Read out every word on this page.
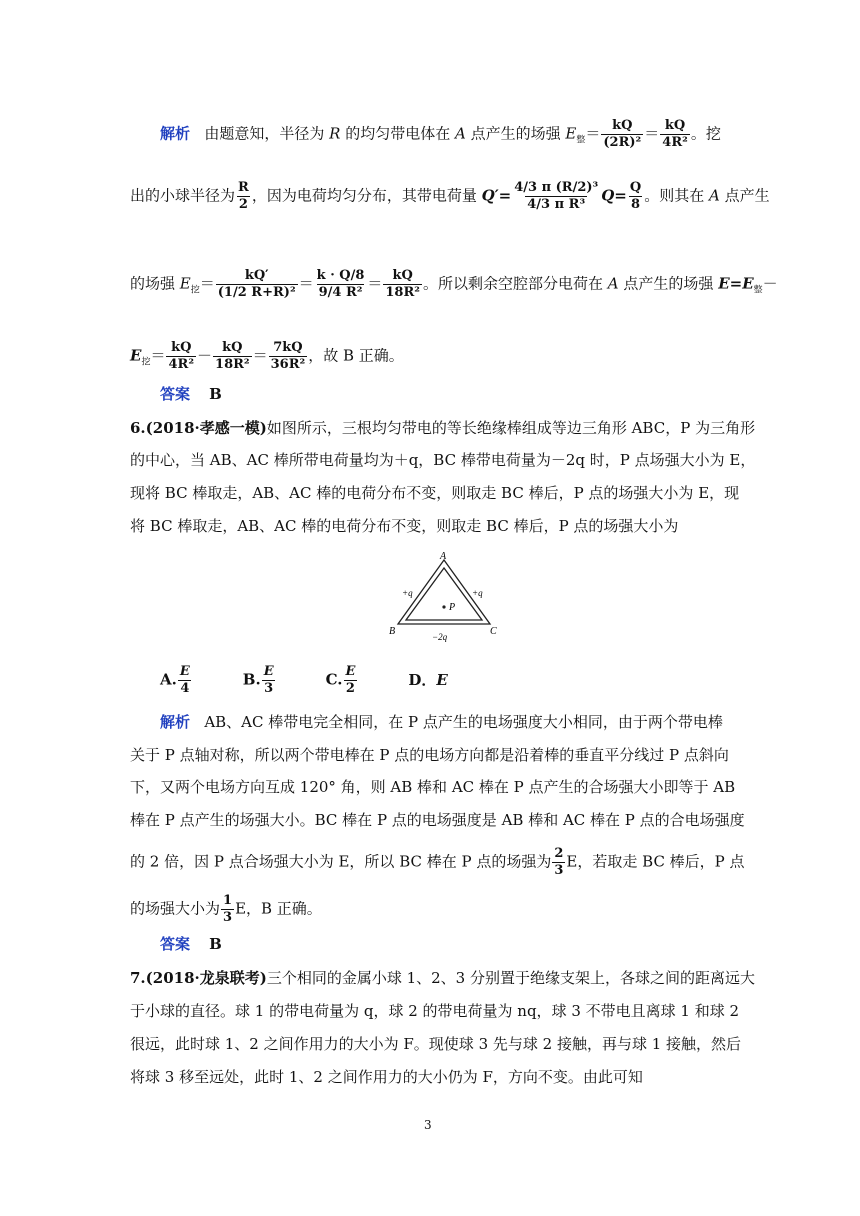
解析 由题意知，半径为 R 的均匀带电体在 A 点产生的场强 $E_整= \frac{kQ}{\text{(2R)²}} = \frac{kQ}{\text{4R²}}$ 。挖
出的小球半径为 $\frac{R}{2}$ ，因为电荷均匀分布，其带电荷量 $Q'= \frac{\text{4/3 π (R/2)³}}{\text{4/3 π R³}} Q= \frac{Q}{8}$ 。则其在 A 点产生
的场强 $E_挖= \frac{kQ'}{\text{(1/2 R+R)²}} = \frac{k \cdot Q/8}{\text{9/4 R²}} = \frac{kQ}{\text{18R²}}$ 。所以剩余空腔部分电荷在 A 点产生的场强 $E=E_整-$
$E_挖= \frac{kQ}{\text{4R²}} - \frac{kQ}{\text{18R²}} = \frac{7kQ}{\text{36R²}}$ ，故 B 正确。
答案 B
6.(2018·孝感一模)如图所示，三根均匀带电的等长绝缘棒组成等边三角形 ABC，P 为三角形
的中心，当 AB、AC 棒所带电荷量均为＋q，BC 棒带电荷量为－2q 时，P 点场强大小为 E，
现将 BC 棒取走，AB、AC 棒的电荷分布不变，则取走 BC 棒后，P 点的场强大小为 E，现
将 BC 棒取走，AB、AC 棒的电荷分布不变，则取走 BC 棒后，P 点的场强大小为
A
B	C
P
+q	+q
−2q
A. $\frac{E}{4}$	B. $\frac{E}{3}$	C. $\frac{E}{2}$	D．E
解析 AB、AC 棒带电完全相同，在 P 点产生的电场强度大小相同，由于两个带电棒
关于 P 点轴对称，所以两个带电棒在 P 点的电场方向都是沿着棒的垂直平分线过 P 点斜向
下，又两个电场方向互成 120° 角，则 AB 棒和 AC 棒在 P 点产生的合场强大小即等于 AB
棒在 P 点产生的场强大小。BC 棒在 P 点的电场强度是 AB 棒和 AC 棒在 P 点的合电场强度
的 2 倍，因 P 点合场强大小为 E，所以 BC 棒在 P 点的场强为 $\frac{2}{3}$ E，若取走 BC 棒后，P 点
的场强大小为 $\frac{1}{3}$ E，B 正确。
答案 B
7.(2018·龙泉联考)三个相同的金属小球 1、2、3 分别置于绝缘支架上，各球之间的距离远大
于小球的直径。球 1 的带电荷量为 q，球 2 的带电荷量为 nq，球 3 不带电且离球 1 和球 2
很远，此时球 1、2 之间作用力的大小为 F。现使球 3 先与球 2 接触，再与球 1 接触，然后
将球 3 移至远处，此时 1、2 之间作用力的大小仍为 F，方向不变。由此可知
3
